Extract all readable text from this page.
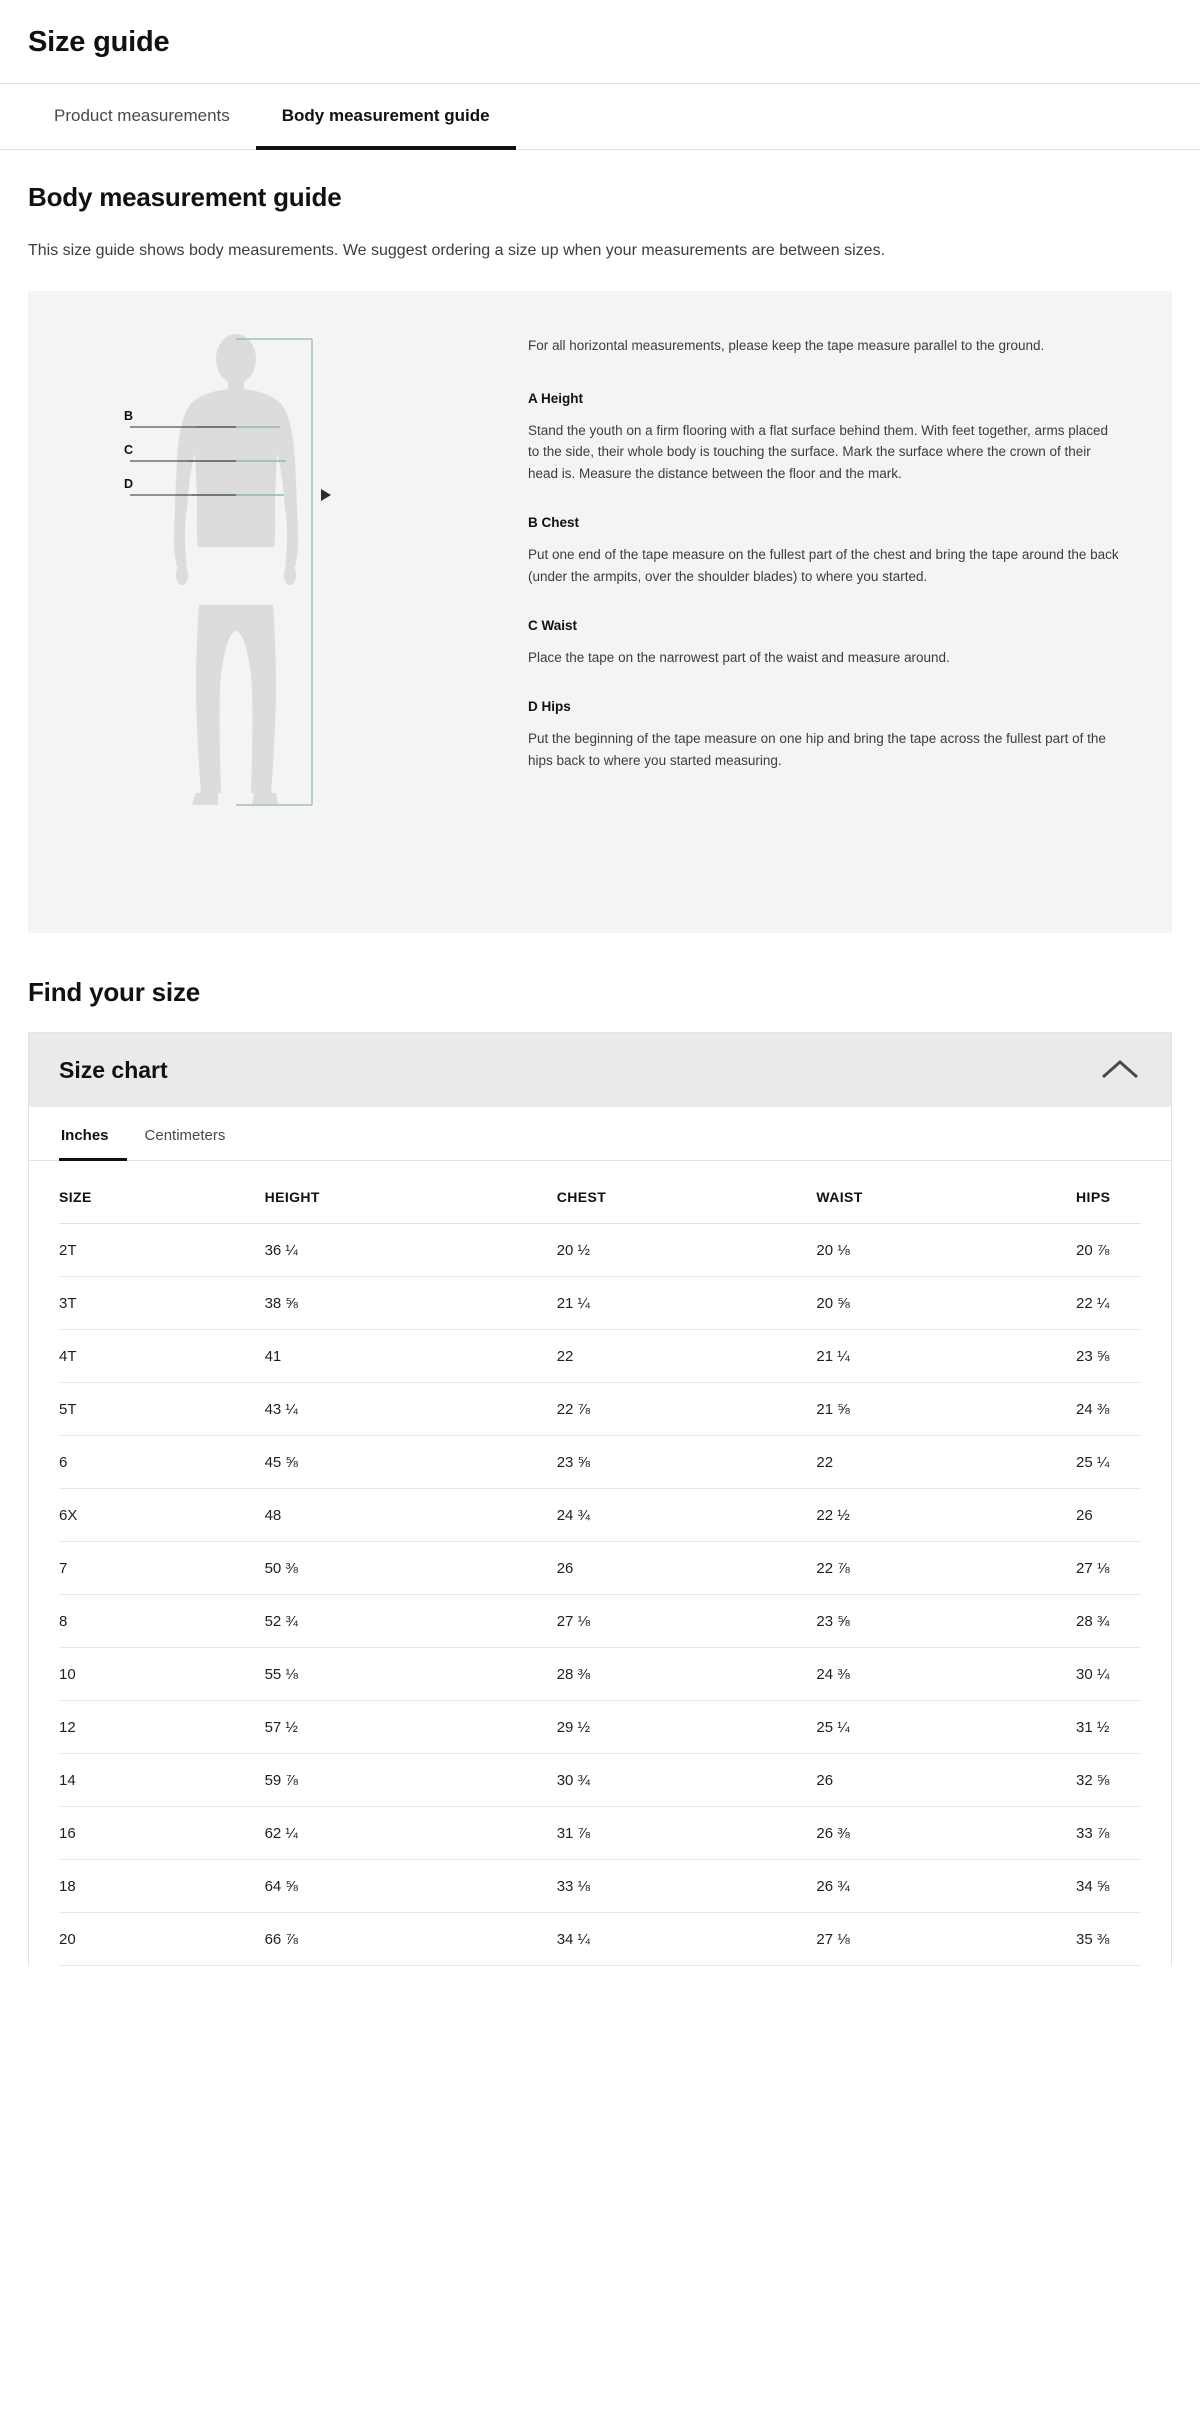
Size guide
Product measurements	Body measurement guide
Body measurement guide

This size guide shows body measurements. We suggest ordering a size up when your measurements are between sizes.

B
C
D

For all horizontal measurements, please keep the tape measure parallel to the ground.

A Height

Stand the youth on a firm flooring with a flat surface behind them. With feet together, arms placed to the side, their whole body is touching the surface. Mark the surface where the crown of their head is. Measure the distance between the floor and the mark.

B Chest

Put one end of the tape measure on the fullest part of the chest and bring the tape around the back (under the armpits, over the shoulder blades) to where you started.

C Waist

Place the tape on the narrowest part of the waist and measure around.

D Hips

Put the beginning of the tape measure on one hip and bring the tape across the fullest part of the hips back to where you started measuring.

Find your size
Size chart
Inches	Centimeters
SIZE	HEIGHT	CHEST	WAIST	HIPS
2T	36 ¼	20 ½	20 ⅛	20 ⅞
3T	38 ⅝	21 ¼	20 ⅝	22 ¼
4T	41	22	21 ¼	23 ⅝
5T	43 ¼	22 ⅞	21 ⅝	24 ⅜
6	45 ⅝	23 ⅝	22	25 ¼
6X	48	24 ¾	22 ½	26
7	50 ⅜	26	22 ⅞	27 ⅛
8	52 ¾	27 ⅛	23 ⅝	28 ¾
10	55 ⅛	28 ⅜	24 ⅜	30 ¼
12	57 ½	29 ½	25 ¼	31 ½
14	59 ⅞	30 ¾	26	32 ⅝
16	62 ¼	31 ⅞	26 ⅜	33 ⅞
18	64 ⅝	33 ⅛	26 ¾	34 ⅝
20	66 ⅞	34 ¼	27 ⅛	35 ⅜
